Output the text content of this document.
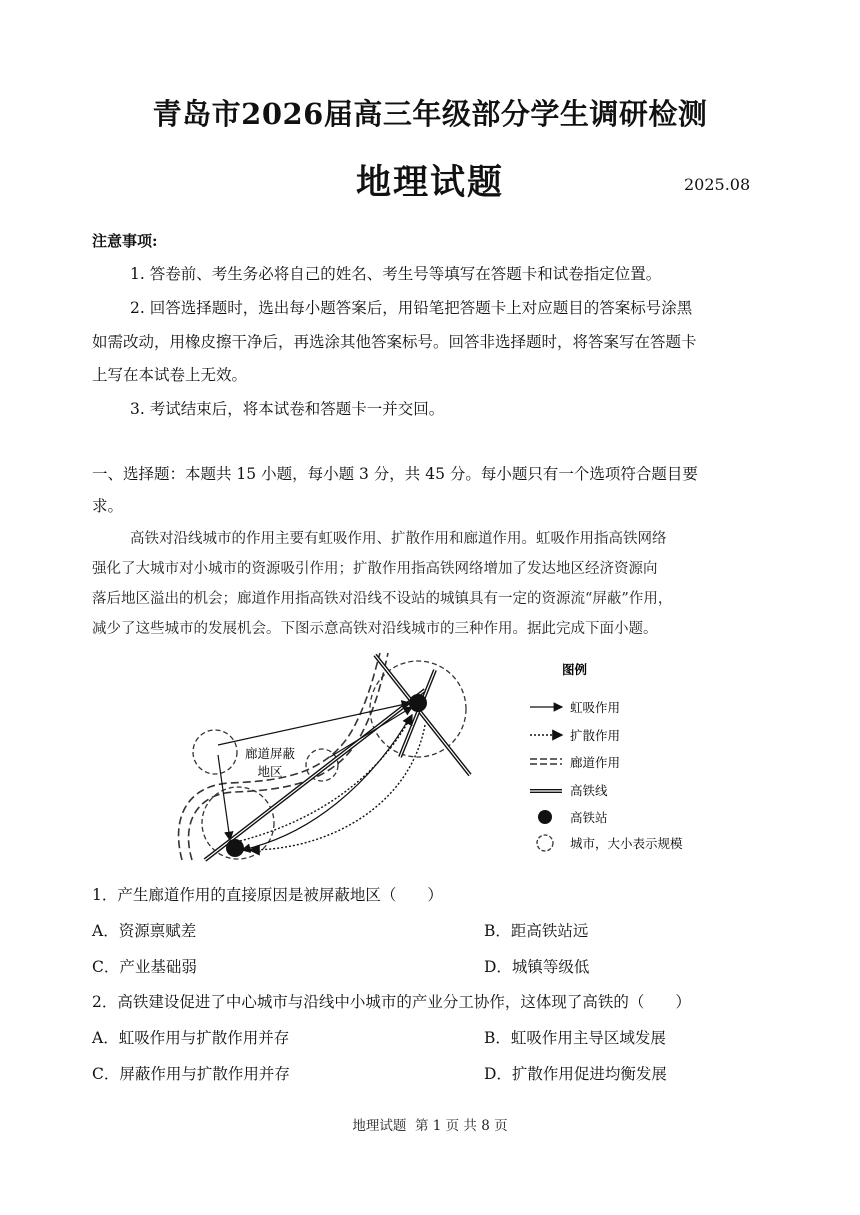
青岛市2026届高三年级部分学生调研检测
地理试题	2025.08
注意事项:
1. 答卷前、考生务必将自己的姓名、考生号等填写在答题卡和试卷指定位置。
2. 回答选择题时，选出每小题答案后，用铅笔把答题卡上对应题目的答案标号涂黑
如需改动，用橡皮擦干净后，再选涂其他答案标号。回答非选择题时，将答案写在答题卡
上写在本试卷上无效。
3. 考试结束后，将本试卷和答题卡一并交回。
一、选择题：本题共 15 小题，每小题 3 分，共 45 分。每小题只有一个选项符合题目要
求。
高铁对沿线城市的作用主要有虹吸作用、扩散作用和廊道作用。虹吸作用指高铁网络
强化了大城市对小城市的资源吸引作用；扩散作用指高铁网络增加了发达地区经济资源向
落后地区溢出的机会；廊道作用指高铁对沿线不设站的城镇具有一定的资源流“屏蔽”作用，
减少了这些城市的发展机会。下图示意高铁对沿线城市的三种作用。据此完成下面小题。
廊道屏蔽
地区
图例
虹吸作用
扩散作用
廊道作用
高铁线
高铁站
城市，大小表示规模
1．产生廊道作用的直接原因是被屏蔽地区（　　）
A．资源禀赋差	B．距高铁站远
C．产业基础弱	D．城镇等级低
2．高铁建设促进了中心城市与沿线中小城市的产业分工协作，这体现了高铁的（　　）
A．虹吸作用与扩散作用并存	B．虹吸作用主导区域发展
C．屏蔽作用与扩散作用并存	D．扩散作用促进均衡发展
地理试题  第 1 页 共 8 页
